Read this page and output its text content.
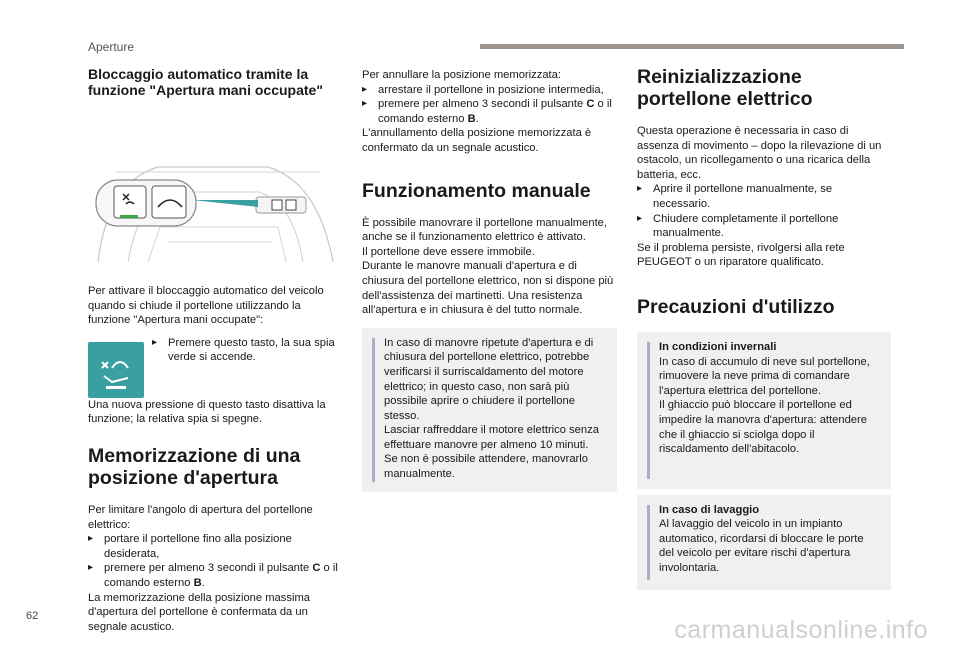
Aperture
Bloccaggio automatico tramite la
funzione "Apertura mani occupate"

Per attivare il bloccaggio automatico del veicolo quando si chiude il portellone utilizzando la funzione "Apertura mani occupate":

▸ Premere questo tasto, la sua spia verde si accende.

Una nuova pressione di questo tasto disattiva la funzione; la relativa spia si spegne.

Memorizzazione di una
posizione d'apertura

Per limitare l'angolo di apertura del portellone elettrico:

▸ portare il portellone fino alla posizione desiderata,
▸ premere per almeno 3 secondi il pulsante C o il comando esterno B.

La memorizzazione della posizione massima d'apertura del portellone è confermata da un segnale acustico.

Per annullare la posizione memorizzata:

▸ arrestare il portellone in posizione intermedia,
▸ premere per almeno 3 secondi il pulsante C o il comando esterno B.

L'annullamento della posizione memorizzata è confermato da un segnale acustico.

Funzionamento manuale

È possibile manovrare il portellone manualmente, anche se il funzionamento elettrico è attivato.

Il portellone deve essere immobile.

Durante le manovre manuali d'apertura e di chiusura del portellone elettrico, non si dispone più dell'assistenza dei martinetti. Una resistenza all'apertura e in chiusura è del tutto normale.

In caso di manovre ripetute d'apertura e di chiusura del portellone elettrico, potrebbe verificarsi il surriscaldamento del motore elettrico; in questo caso, non sarà più possibile aprire o chiudere il portellone stesso.

Lasciar raffreddare il motore elettrico senza effettuare manovre per almeno 10 minuti.

Se non è possibile attendere, manovrarlo manualmente.

Reinizializzazione
portellone elettrico

Questa operazione è necessaria in caso di assenza di movimento – dopo la rilevazione di un ostacolo, un ricollegamento o una ricarica della batteria, ecc.

▸ Aprire il portellone manualmente, se necessario.
▸ Chiudere completamente il portellone manualmente.

Se il problema persiste, rivolgersi alla rete PEUGEOT o un riparatore qualificato.

Precauzioni d'utilizzo

In condizioni invernali

In caso di accumulo di neve sul portellone, rimuovere la neve prima di comandare l'apertura elettrica del portellone.

Il ghiaccio può bloccare il portellone ed impedire la manovra d'apertura: attendere che il ghiaccio si sciolga dopo il riscaldamento dell'abitacolo.

In caso di lavaggio

Al lavaggio del veicolo in un impianto automatico, ricordarsi di bloccare le porte del veicolo per evitare rischi d'apertura involontaria.

62	carmanualsonline.info
